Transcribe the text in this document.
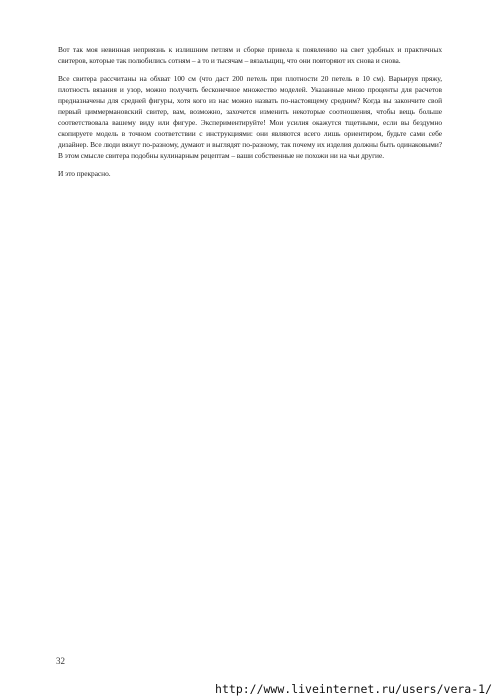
Вот так моя невинная неприязнь к излишним петлям и сборке привела к появлению на свет удобных и практичных свитеров, которые так полюбились сотням – а то и тысячам – вязальщиц, что они повторяют их снова и снова.

Все свитера рассчитаны на обхват 100 см (что даст 200 петель при плотности 20 петель в 10 см). Варьируя пряжу, плотность вязания и узор, можно получить бесконечное множество моделей. Указанные мною проценты для расчетов предназначены для средней фигуры, хотя кого из нас можно назвать по-настоящему средним? Когда вы закончите свой первый циммермановский свитер, вам, возможно, захочется изменить некоторые соотношения, чтобы вещь больше соответствовала вашему виду или фигуре. Экспериментируйте! Мои усилия окажутся тщетными, если вы бездумно скопируете модель в точном соответствии с инструкциями: они являются всего лишь ориентиром, будьте сами себе дизайнер. Все люди вяжут по-разному, думают и выглядят по-разному, так почему их изделия должны быть одинаковыми? В этом смысле свитера подобны кулинарным рецептам – ваши собственные не похожи ни на чьи другие.

И это прекрасно.

32
http://www.liveinternet.ru/users/vera-1/
